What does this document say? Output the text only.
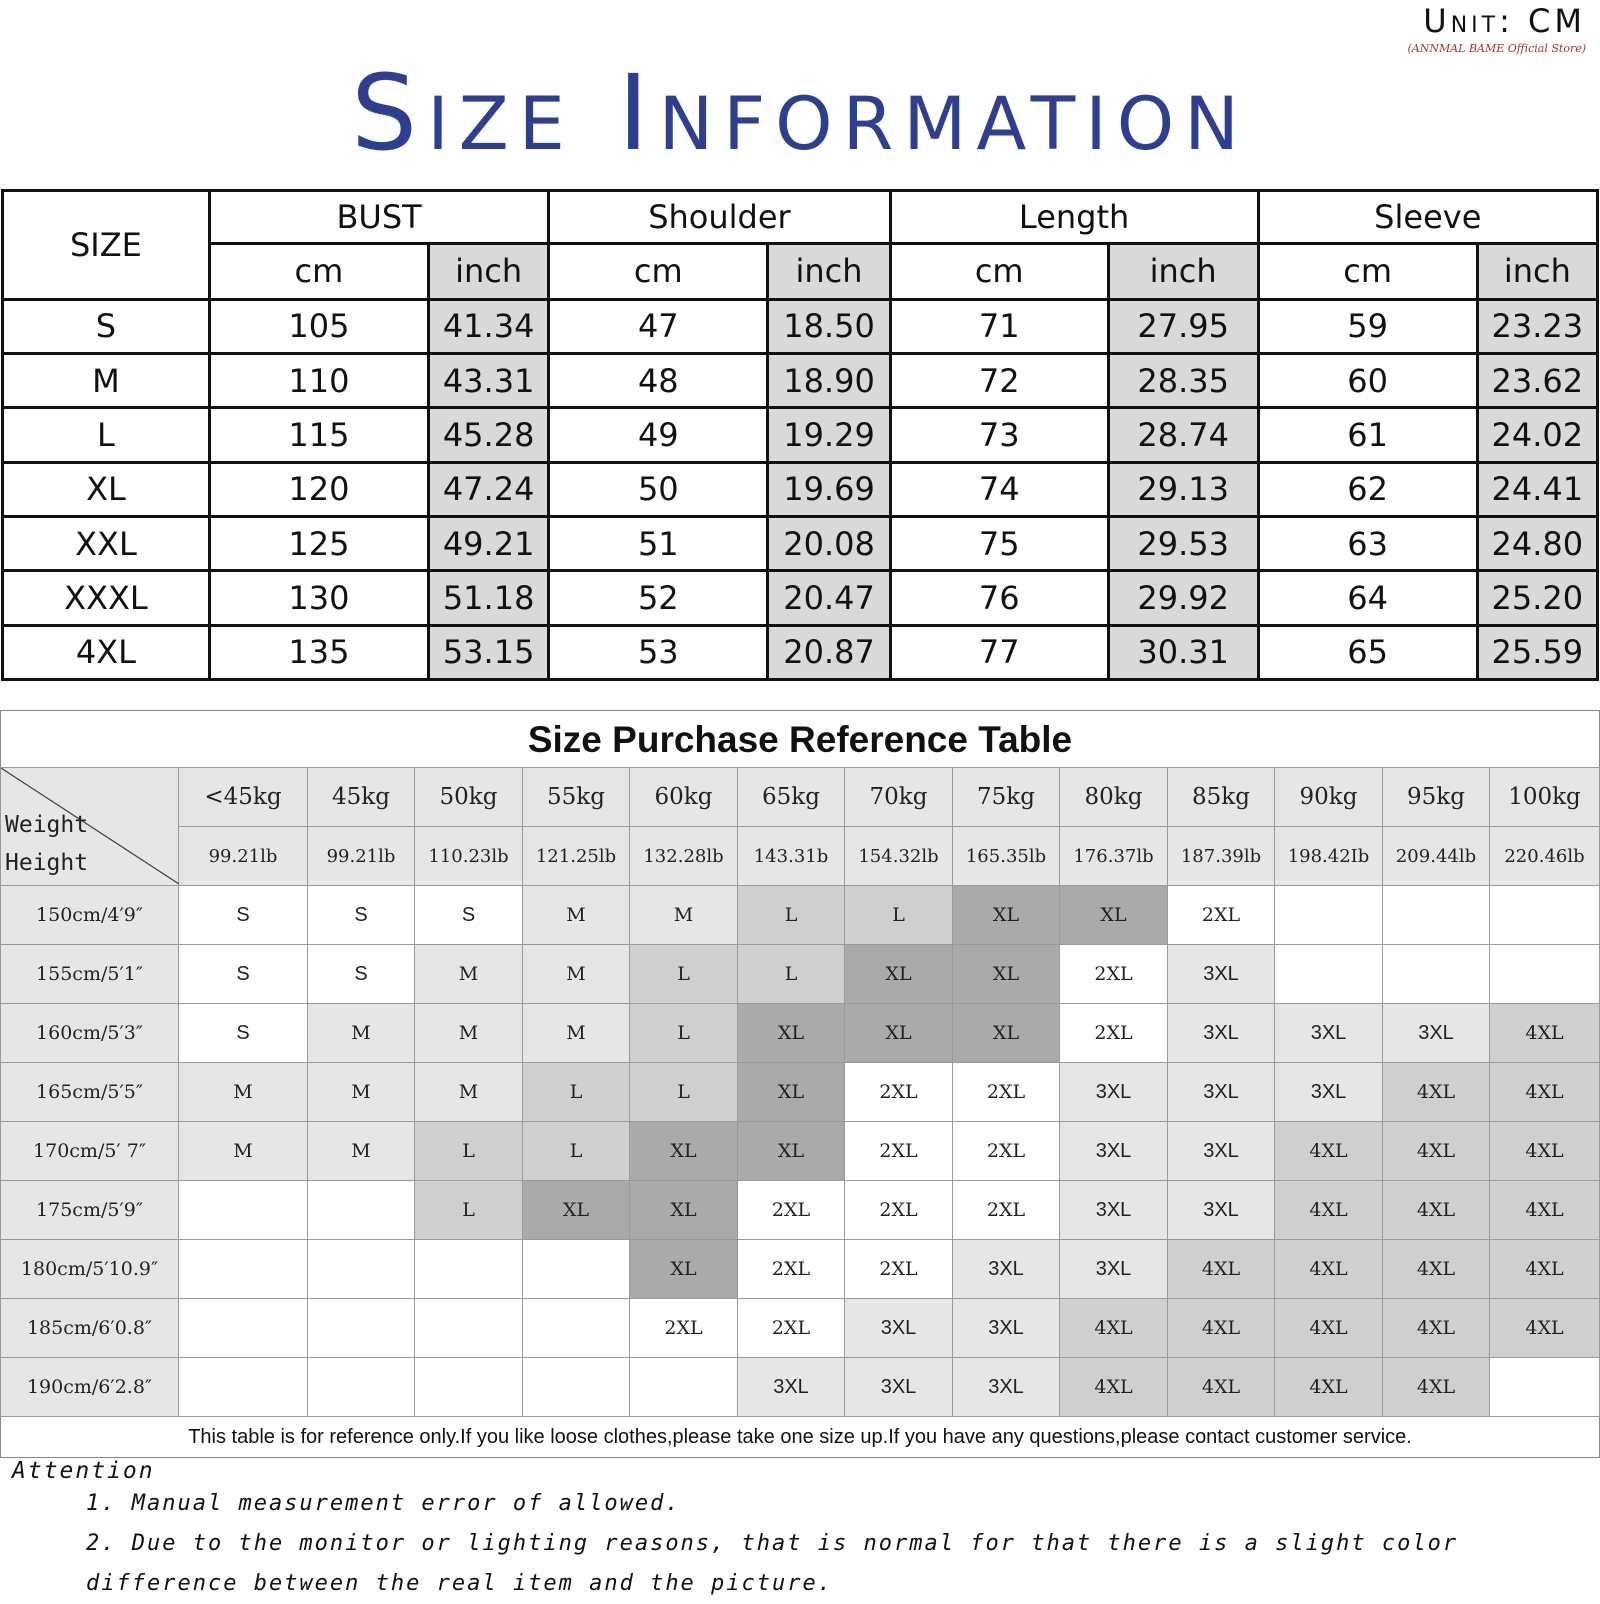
Unit: CM
(ANNMAL BAME Official Store)
Size Information
SIZE	BUST		Shoulder		Length		Sleeve	
	cm	inch	cm	inch	cm	inch	cm	inch
S	105	41.34	47	18.50	71	27.95	59	23.23
M	110	43.31	48	18.90	72	28.35	60	23.62
L	115	45.28	49	19.29	73	28.74	61	24.02
XL	120	47.24	50	19.69	74	29.13	62	24.41
XXL	125	49.21	51	20.08	75	29.53	63	24.80
XXXL	130	51.18	52	20.47	76	29.92	64	25.20
4XL	135	53.15	53	20.87	77	30.31	65	25.59
Size Purchase Reference Table
Weight
Height	<45kg	45kg	50kg	55kg	60kg	65kg	70kg	75kg	80kg	85kg	90kg	95kg	100kg
	99.21lb	99.21lb	110.23lb	121.25lb	132.28lb	143.31b	154.32lb	165.35lb	176.37lb	187.39lb	198.42Ib	209.44lb	220.46lb
150cm/4′9″	S	S	S	M	M	L	L	XL	XL	2XL			
155cm/5′1″	S	S	M	M	L	L	XL	XL	2XL	3XL			
160cm/5′3″	S	M	M	M	L	XL	XL	XL	2XL	3XL	3XL	3XL	4XL
165cm/5′5″	M	M	M	L	L	XL	2XL	2XL	3XL	3XL	3XL	4XL	4XL
170cm/5′ 7″	M	M	L	L	XL	XL	2XL	2XL	3XL	3XL	4XL	4XL	4XL
175cm/5′9″			L	XL	XL	2XL	2XL	2XL	3XL	3XL	4XL	4XL	4XL
180cm/5′10.9″					XL	2XL	2XL	3XL	3XL	4XL	4XL	4XL	4XL
185cm/6′0.8″					2XL	2XL	3XL	3XL	4XL	4XL	4XL	4XL	4XL
190cm/6′2.8″						3XL	3XL	3XL	4XL	4XL	4XL	4XL	
This table is for reference only.If you like loose clothes,please take one size up.If you have any questions,please contact customer service.
Attention
1. Manual measurement error of allowed.
2. Due to the monitor or lighting reasons, that is normal for that there is a slight color
difference between the real item and the picture.
